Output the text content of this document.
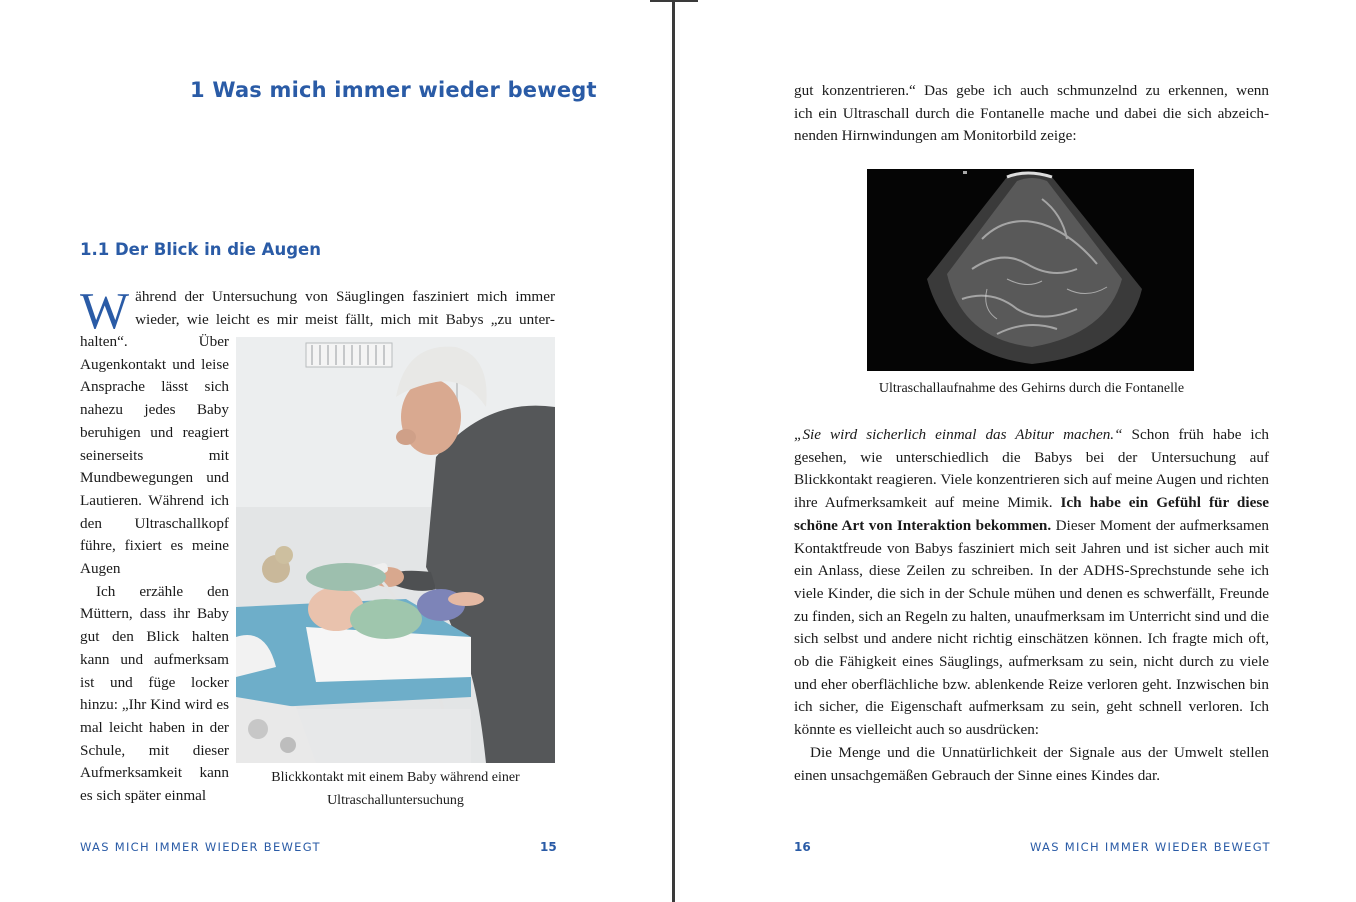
1 Was mich immer wieder bewegt
1.1 Der Blick in die Augen
W ährend der Untersuchung von Säuglingen fasziniert mich immer
wieder, wie leicht es mir meist fällt, mich mit Babys „zu unter-

halten“. Über Augenkontakt und leise Ansprache lässt sich nahezu jedes Baby beruhigen und reagiert seinerseits mit Mundbewegungen und Lautieren. Während ich den Ultraschallkopf führe, fixiert es meine Augen

Ich erzähle den Müttern, dass ihr Baby gut den Blick halten kann und aufmerksam ist und füge locker hinzu: „Ihr Kind wird es mal leicht haben in der Schule, mit dieser Aufmerksamkeit kann es sich später einmal

Blickkontakt mit einem Baby während einer
Ultraschalluntersuchung
WAS MICH IMMER WIEDER BEWEGT	15
gut konzentrieren.“ Das gebe ich auch schmunzelnd zu erkennen, wenn
ich ein Ultraschall durch die Fontanelle mache und dabei die sich abzeich-
nenden Hirnwindungen am Monitorbild zeige:
Ultraschallaufnahme des Gehirns durch die Fontanelle

„Sie wird sicherlich einmal das Abitur machen.“ Schon früh habe ich gesehen, wie unterschiedlich die Babys bei der Untersuchung auf Blickkontakt reagieren. Viele konzentrieren sich auf meine Augen und richten ihre Aufmerksamkeit auf meine Mimik. Ich habe ein Gefühl für diese schöne Art von Interaktion bekommen. Dieser Moment der aufmerksamen Kontaktfreude von Babys fasziniert mich seit Jahren und ist sicher auch mit ein Anlass, diese Zeilen zu schreiben. In der ADHS-Sprechstunde sehe ich viele Kinder, die sich in der Schule mühen und denen es schwerfällt, Freunde zu finden, sich an Regeln zu halten, unaufmerksam im Unterricht sind und die sich selbst und andere nicht richtig einschätzen können. Ich fragte mich oft, ob die Fähigkeit eines Säuglings, aufmerksam zu sein, nicht durch zu viele und eher oberflächliche bzw. ablenkende Reize verloren geht. Inzwischen bin ich sicher, die Eigenschaft aufmerksam zu sein, geht schnell verloren. Ich könnte es vielleicht auch so ausdrücken:

Die Menge und die Unnatürlichkeit der Signale aus der Umwelt stellen einen unsachgemäßen Gebrauch der Sinne eines Kindes dar.

16	WAS MICH IMMER WIEDER BEWEGT
